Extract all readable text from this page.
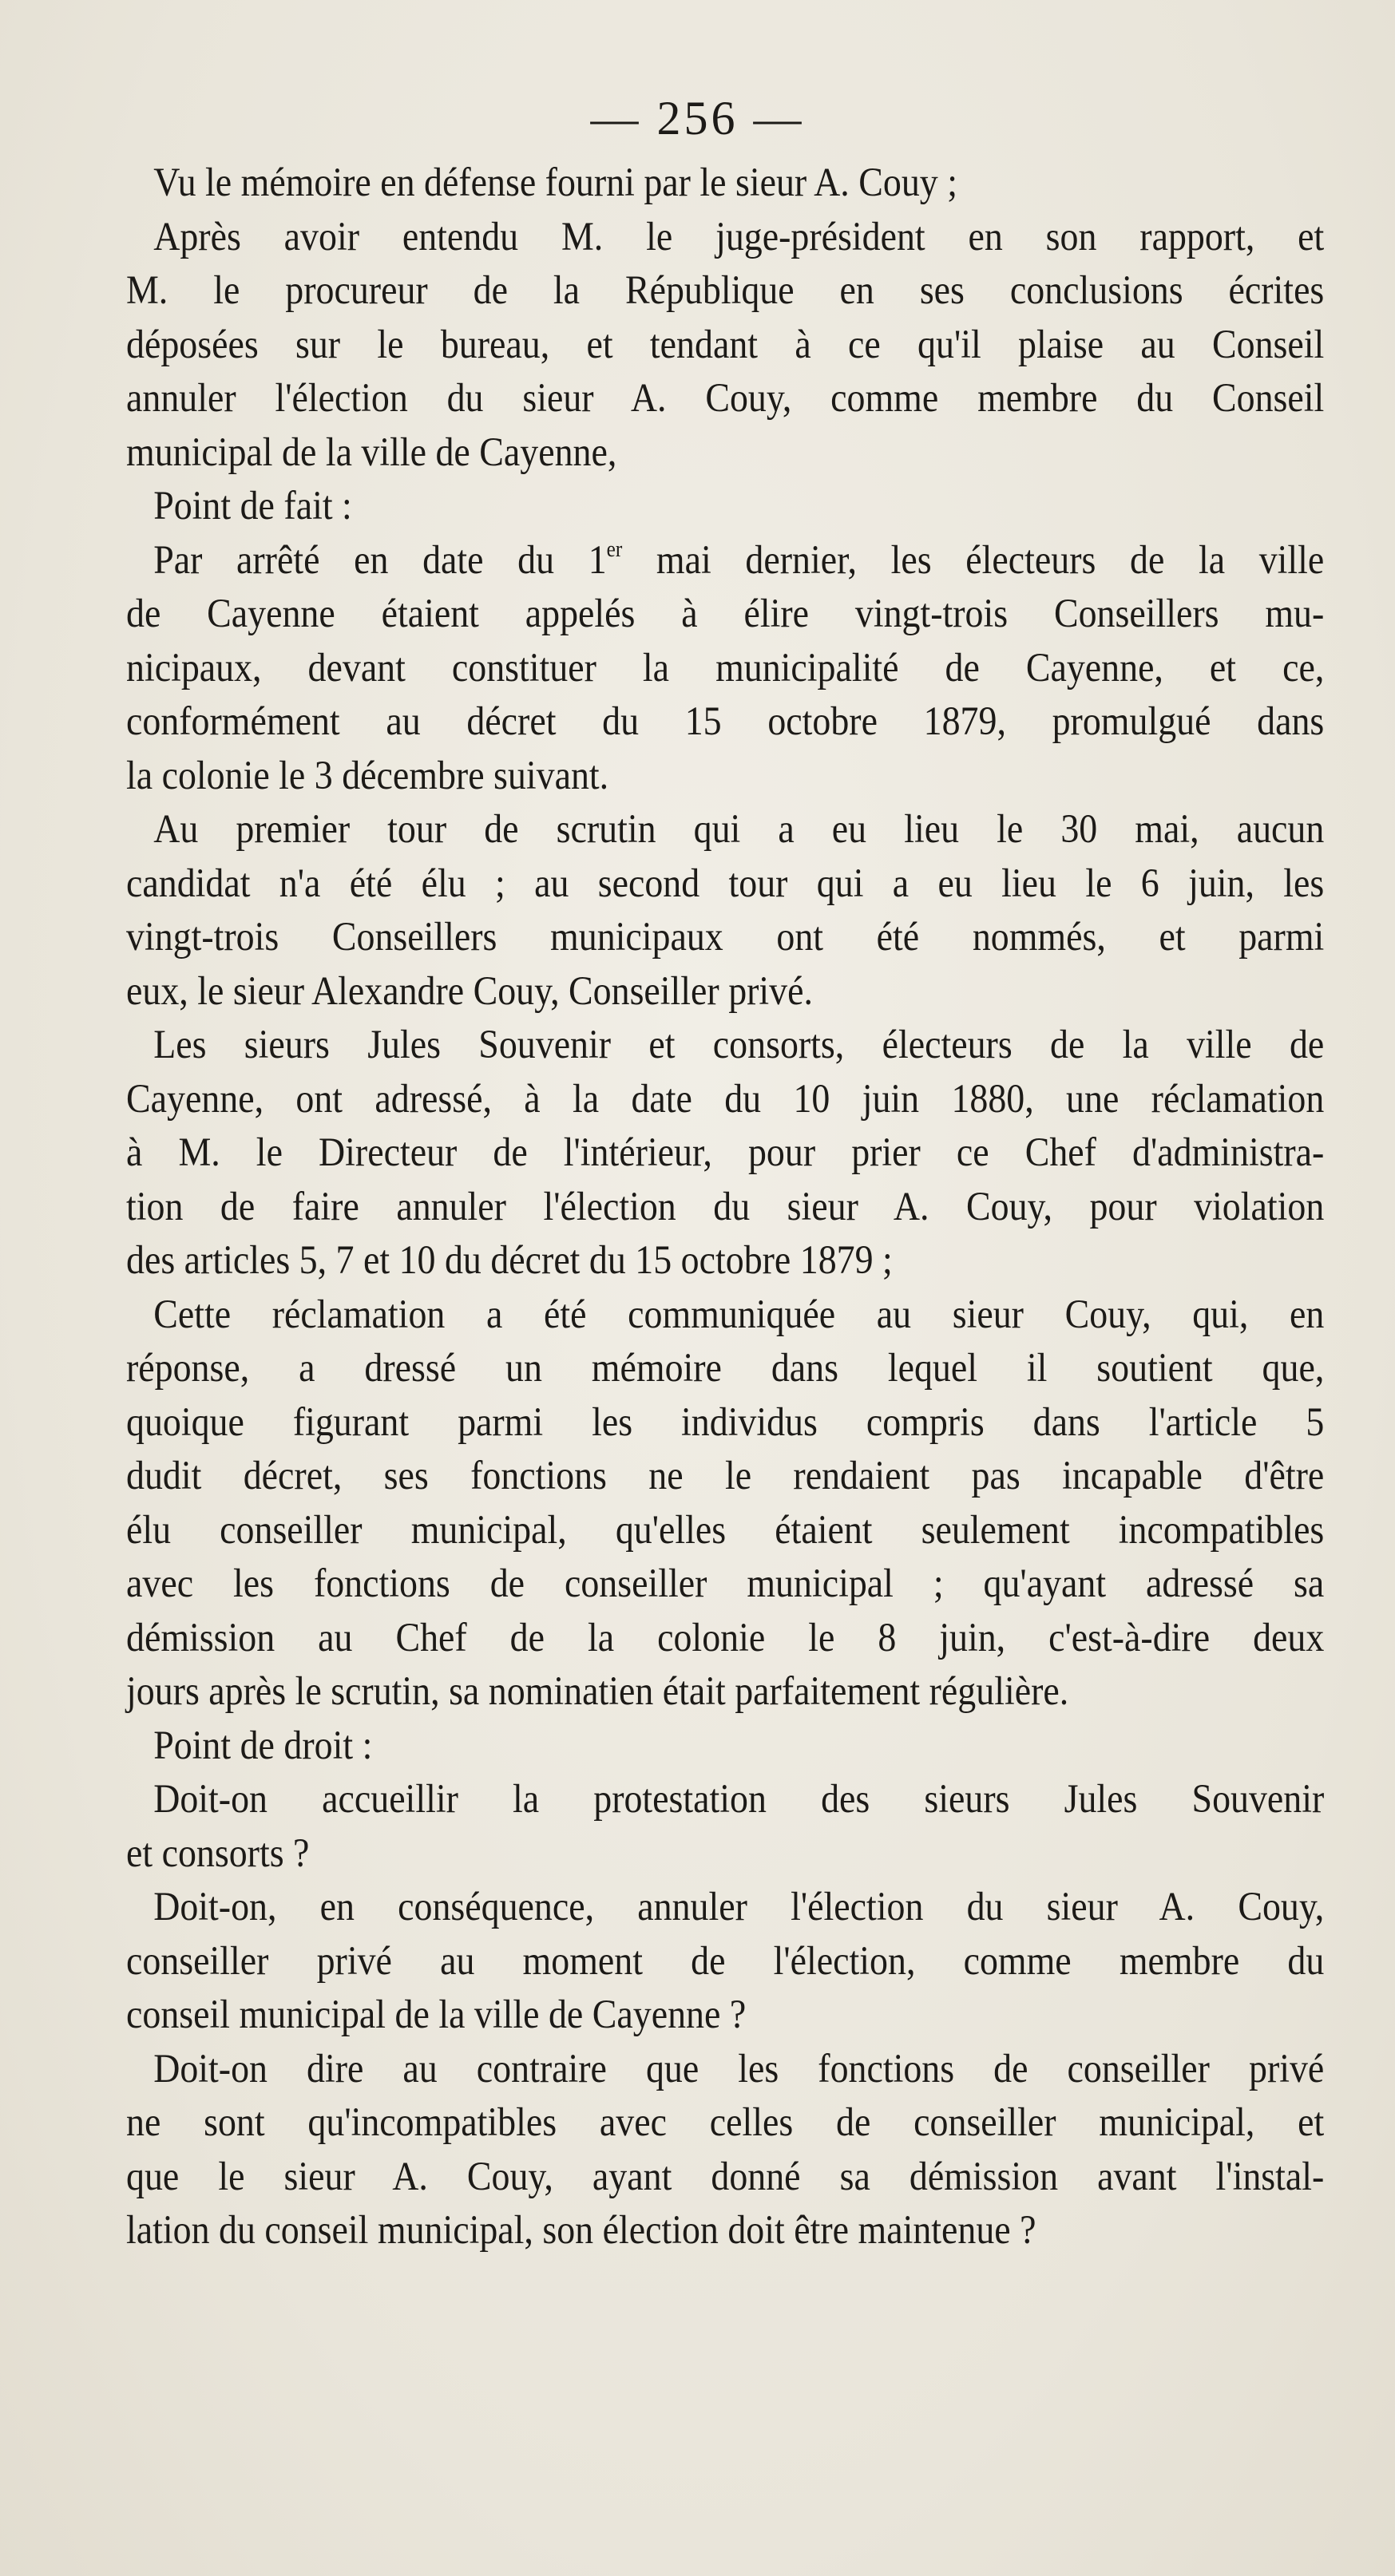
— 256 —

Vu le mémoire en défense fourni par le sieur A. Couy ;

Après avoir entendu M. le juge-président en son rapport, et
M. le procureur de la République en ses conclusions écrites
déposées sur le bureau, et tendant à ce qu'il plaise au Conseil
annuler l'élection du sieur A. Couy, comme membre du Conseil
municipal de la ville de Cayenne,

Point de fait :

Par arrêté en date du 1er mai dernier, les électeurs de la ville
de Cayenne étaient appelés à élire vingt-trois Conseillers mu-
nicipaux, devant constituer la municipalité de Cayenne, et ce,
conformément au décret du 15 octobre 1879, promulgué dans
la colonie le 3 décembre suivant.

Au premier tour de scrutin qui a eu lieu le 30 mai, aucun
candidat n'a été élu ; au second tour qui a eu lieu le 6 juin, les
vingt-trois Conseillers municipaux ont été nommés, et parmi
eux, le sieur Alexandre Couy, Conseiller privé.

Les sieurs Jules Souvenir et consorts, électeurs de la ville de
Cayenne, ont adressé, à la date du 10 juin 1880, une réclamation
à M. le Directeur de l'intérieur, pour prier ce Chef d'administra-
tion de faire annuler l'élection du sieur A. Couy, pour violation
des articles 5, 7 et 10 du décret du 15 octobre 1879 ;

Cette réclamation a été communiquée au sieur Couy, qui, en
réponse, a dressé un mémoire dans lequel il soutient que,
quoique figurant parmi les individus compris dans l'article 5
dudit décret, ses fonctions ne le rendaient pas incapable d'être
élu conseiller municipal, qu'elles étaient seulement incompatibles
avec les fonctions de conseiller municipal ; qu'ayant adressé sa
démission au Chef de la colonie le 8 juin, c'est-à-dire deux
jours après le scrutin, sa nominatien était parfaitement régulière.

Point de droit :

Doit-on accueillir la protestation des sieurs Jules Souvenir
et consorts ?

Doit-on, en conséquence, annuler l'élection du sieur A. Couy,
conseiller privé au moment de l'élection, comme membre du
conseil municipal de la ville de Cayenne ?

Doit-on dire au contraire que les fonctions de conseiller privé
ne sont qu'incompatibles avec celles de conseiller municipal, et
que le sieur A. Couy, ayant donné sa démission avant l'instal-
lation du conseil municipal, son élection doit être maintenue ?
